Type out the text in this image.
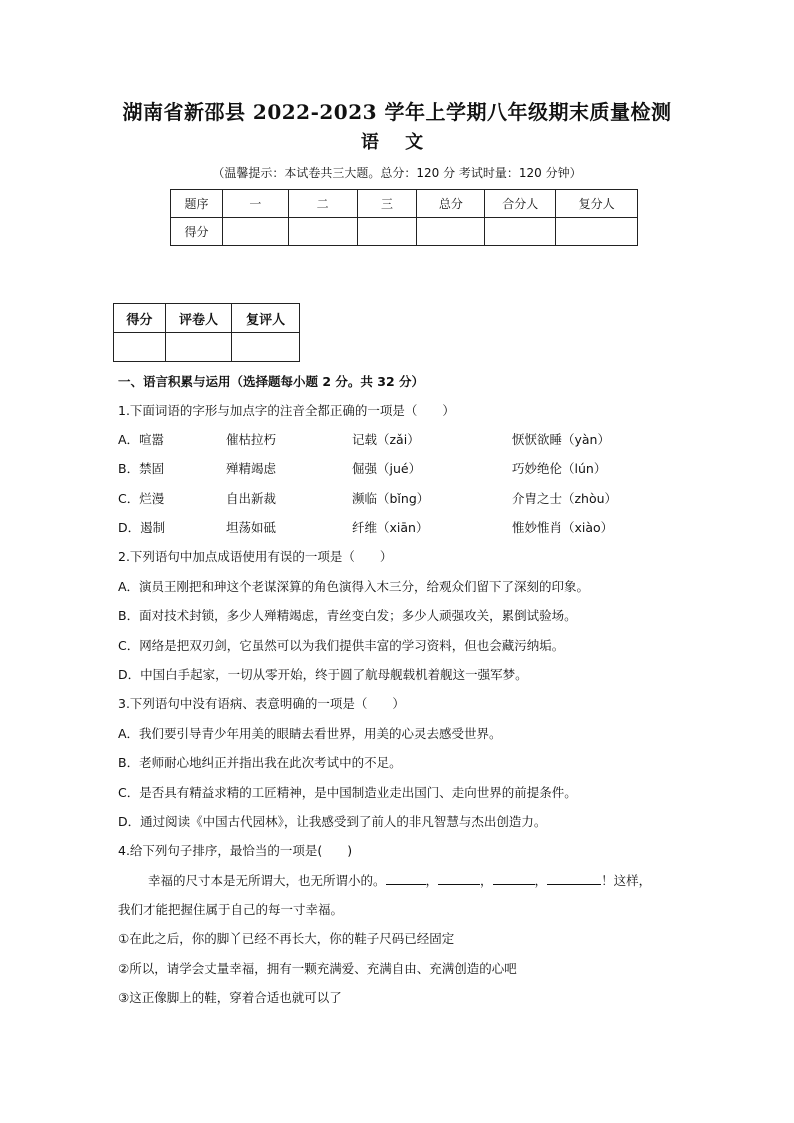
湖南省新邵县 2022-2023 学年上学期八年级期末质量检测
语 文
（温馨提示：本试卷共三大题。总分：120 分 考试时量：120 分钟）
题序	一	二	三	总分	合分人	复分人
得分						
得分	评卷人	复评人

一、语言积累与运用（选择题每小题 2 分。共 32 分）
1.下面词语的字形与加点字的注音全都正确的一项是（　　）
A．喧嚣	催枯拉朽	记载（zǎi）	恹恹欲睡（yàn）
B．禁固	殚精竭虑	倔强（jué）	巧妙绝伦（lún）
C．烂漫	自出新裁	濒临（bǐng）	介胄之士（zhòu）
D．遏制	坦荡如砥	纤维（xiān）	惟妙惟肖（xiào）
2.下列语句中加点成语使用有误的一项是（　　）
A．演员王刚把和珅这个老谋深算的角色演得入木三分，给观众们留下了深刻的印象。
B．面对技术封锁，多少人殚精竭虑，青丝变白发；多少人顽强攻关，累倒试验场。
C．网络是把双刃剑，它虽然可以为我们提供丰富的学习资料，但也会藏污纳垢。
D．中国白手起家，一切从零开始，终于圆了航母舰载机着舰这一强军梦。
3.下列语句中没有语病、表意明确的一项是（　　）
A．我们要引导青少年用美的眼睛去看世界，用美的心灵去感受世界。
B．老师耐心地纠正并指出我在此次考试中的不足。
C．是否具有精益求精的工匠精神，是中国制造业走出国门、走向世界的前提条件。
D．通过阅读《中国古代园林》，让我感受到了前人的非凡智慧与杰出创造力。
4.给下列句子排序，最恰当的一项是(　　)
幸福的尺寸本是无所谓大，也无所谓小的。	，	，	，	！这样，
我们才能把握住属于自己的每一寸幸福。
①在此之后，你的脚丫已经不再长大，你的鞋子尺码已经固定
②所以，请学会丈量幸福，拥有一颗充满爱、充满自由、充满创造的心吧
③这正像脚上的鞋，穿着合适也就可以了
